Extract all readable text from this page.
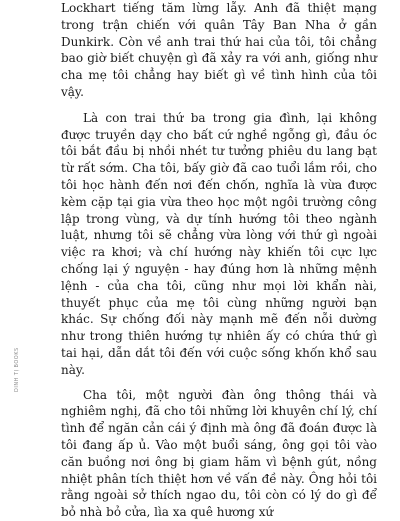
Lockhart tiếng tăm lừng lẫy. Anh đã thiệt mạng trong trận chiến với quân Tây Ban Nha ở gần Dunkirk. Còn về anh trai thứ hai của tôi, tôi chẳng bao giờ biết chuyện gì đã xảy ra với anh, giống như cha mẹ tôi chẳng hay biết gì về tình hình của tôi vậy.

Là con trai thứ ba trong gia đình, lại không được truyền dạy cho bất cứ nghề ngỗng gì, đầu óc tôi bắt đầu bị nhồi nhét tư tưởng phiêu du lang bạt từ rất sớm. Cha tôi, bấy giờ đã cao tuổi lắm rồi, cho tôi học hành đến nơi đến chốn, nghĩa là vừa được kèm cặp tại gia vừa theo học một ngôi trường công lập trong vùng, và dự tính hướng tôi theo ngành luật, nhưng tôi sẽ chẳng vừa lòng với thứ gì ngoài việc ra khơi; và chí hướng này khiến tôi cực lực chống lại ý nguyện - hay đúng hơn là những mệnh lệnh - của cha tôi, cũng như mọi lời khẩn nài, thuyết phục của mẹ tôi cùng những người bạn khác. Sự chống đối này mạnh mẽ đến nỗi dường như trong thiên hướng tự nhiên ấy có chứa thứ gì tai hại, dẫn dắt tôi đến với cuộc sống khốn khổ sau này.

Cha tôi, một người đàn ông thông thái và nghiêm nghị, đã cho tôi những lời khuyên chí lý, chí tình để ngăn cản cái ý định mà ông đã đoán được là tôi đang ấp ủ. Vào một buổi sáng, ông gọi tôi vào căn buồng nơi ông bị giam hãm vì bệnh gút, nồng nhiệt phân tích thiệt hơn về vấn đề này. Ông hỏi tôi rằng ngoài sở thích ngao du, tôi còn có lý do gì để bỏ nhà bỏ cửa, lìa xa quê hương xứ

DINH TỊ BOOKS
